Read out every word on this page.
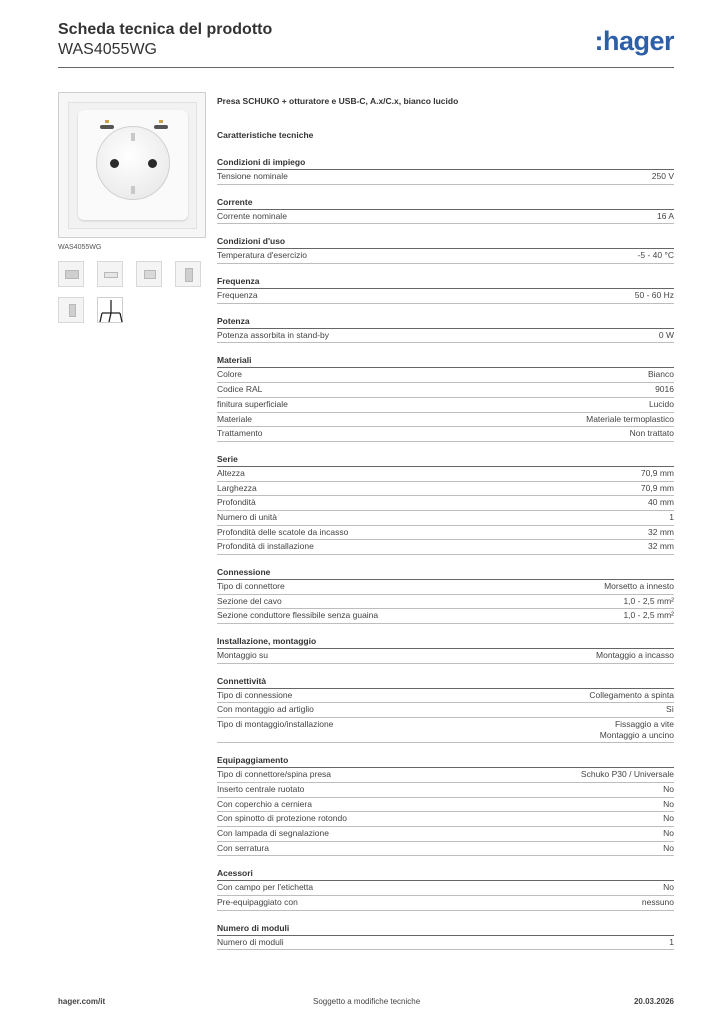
Scheda tecnica del prodotto
WAS4055WG	:hager
WAS4055WG
Presa SCHUKO + otturatore e USB-C, A.x/C.x, bianco lucido
Caratteristiche tecniche
Condizioni di impiego
Tensione nominale	250 V
Corrente
Corrente nominale	16 A
Condizioni d'uso
Temperatura d'esercizio	-5 - 40 °C
Frequenza
Frequenza	50 - 60 Hz
Potenza
Potenza assorbita in stand-by	0 W
Materiali
Colore	Bianco
Codice RAL	9016
finitura superficiale	Lucido
Materiale	Materiale termoplastico
Trattamento	Non trattato
Serie
Altezza	70,9 mm
Larghezza	70,9 mm
Profondità	40 mm
Numero di unità	1
Profondità delle scatole da incasso	32 mm
Profondità di installazione	32 mm
Connessione
Tipo di connettore	Morsetto a innesto
Sezione del cavo	1,0 - 2,5 mm²
Sezione conduttore flessibile senza guaina	1,0 - 2,5 mm²
Installazione, montaggio
Montaggio su	Montaggio a incasso
Connettività
Tipo di connessione	Collegamento a spinta
Con montaggio ad artiglio	Sì
Tipo di montaggio/installazione	Fissaggio a vite
Montaggio a uncino
Equipaggiamento
Tipo di connettore/spina presa	Schuko P30 / Universale
Inserto centrale ruotato	No
Con coperchio a cerniera	No
Con spinotto di protezione rotondo	No
Con lampada di segnalazione	No
Con serratura	No
Acessori
Con campo per l'etichetta	No
Pre-equipaggiato con	nessuno
Numero di moduli
Numero di moduli	1
hager.com/it	Soggetto a modifiche tecniche	20.03.2026
